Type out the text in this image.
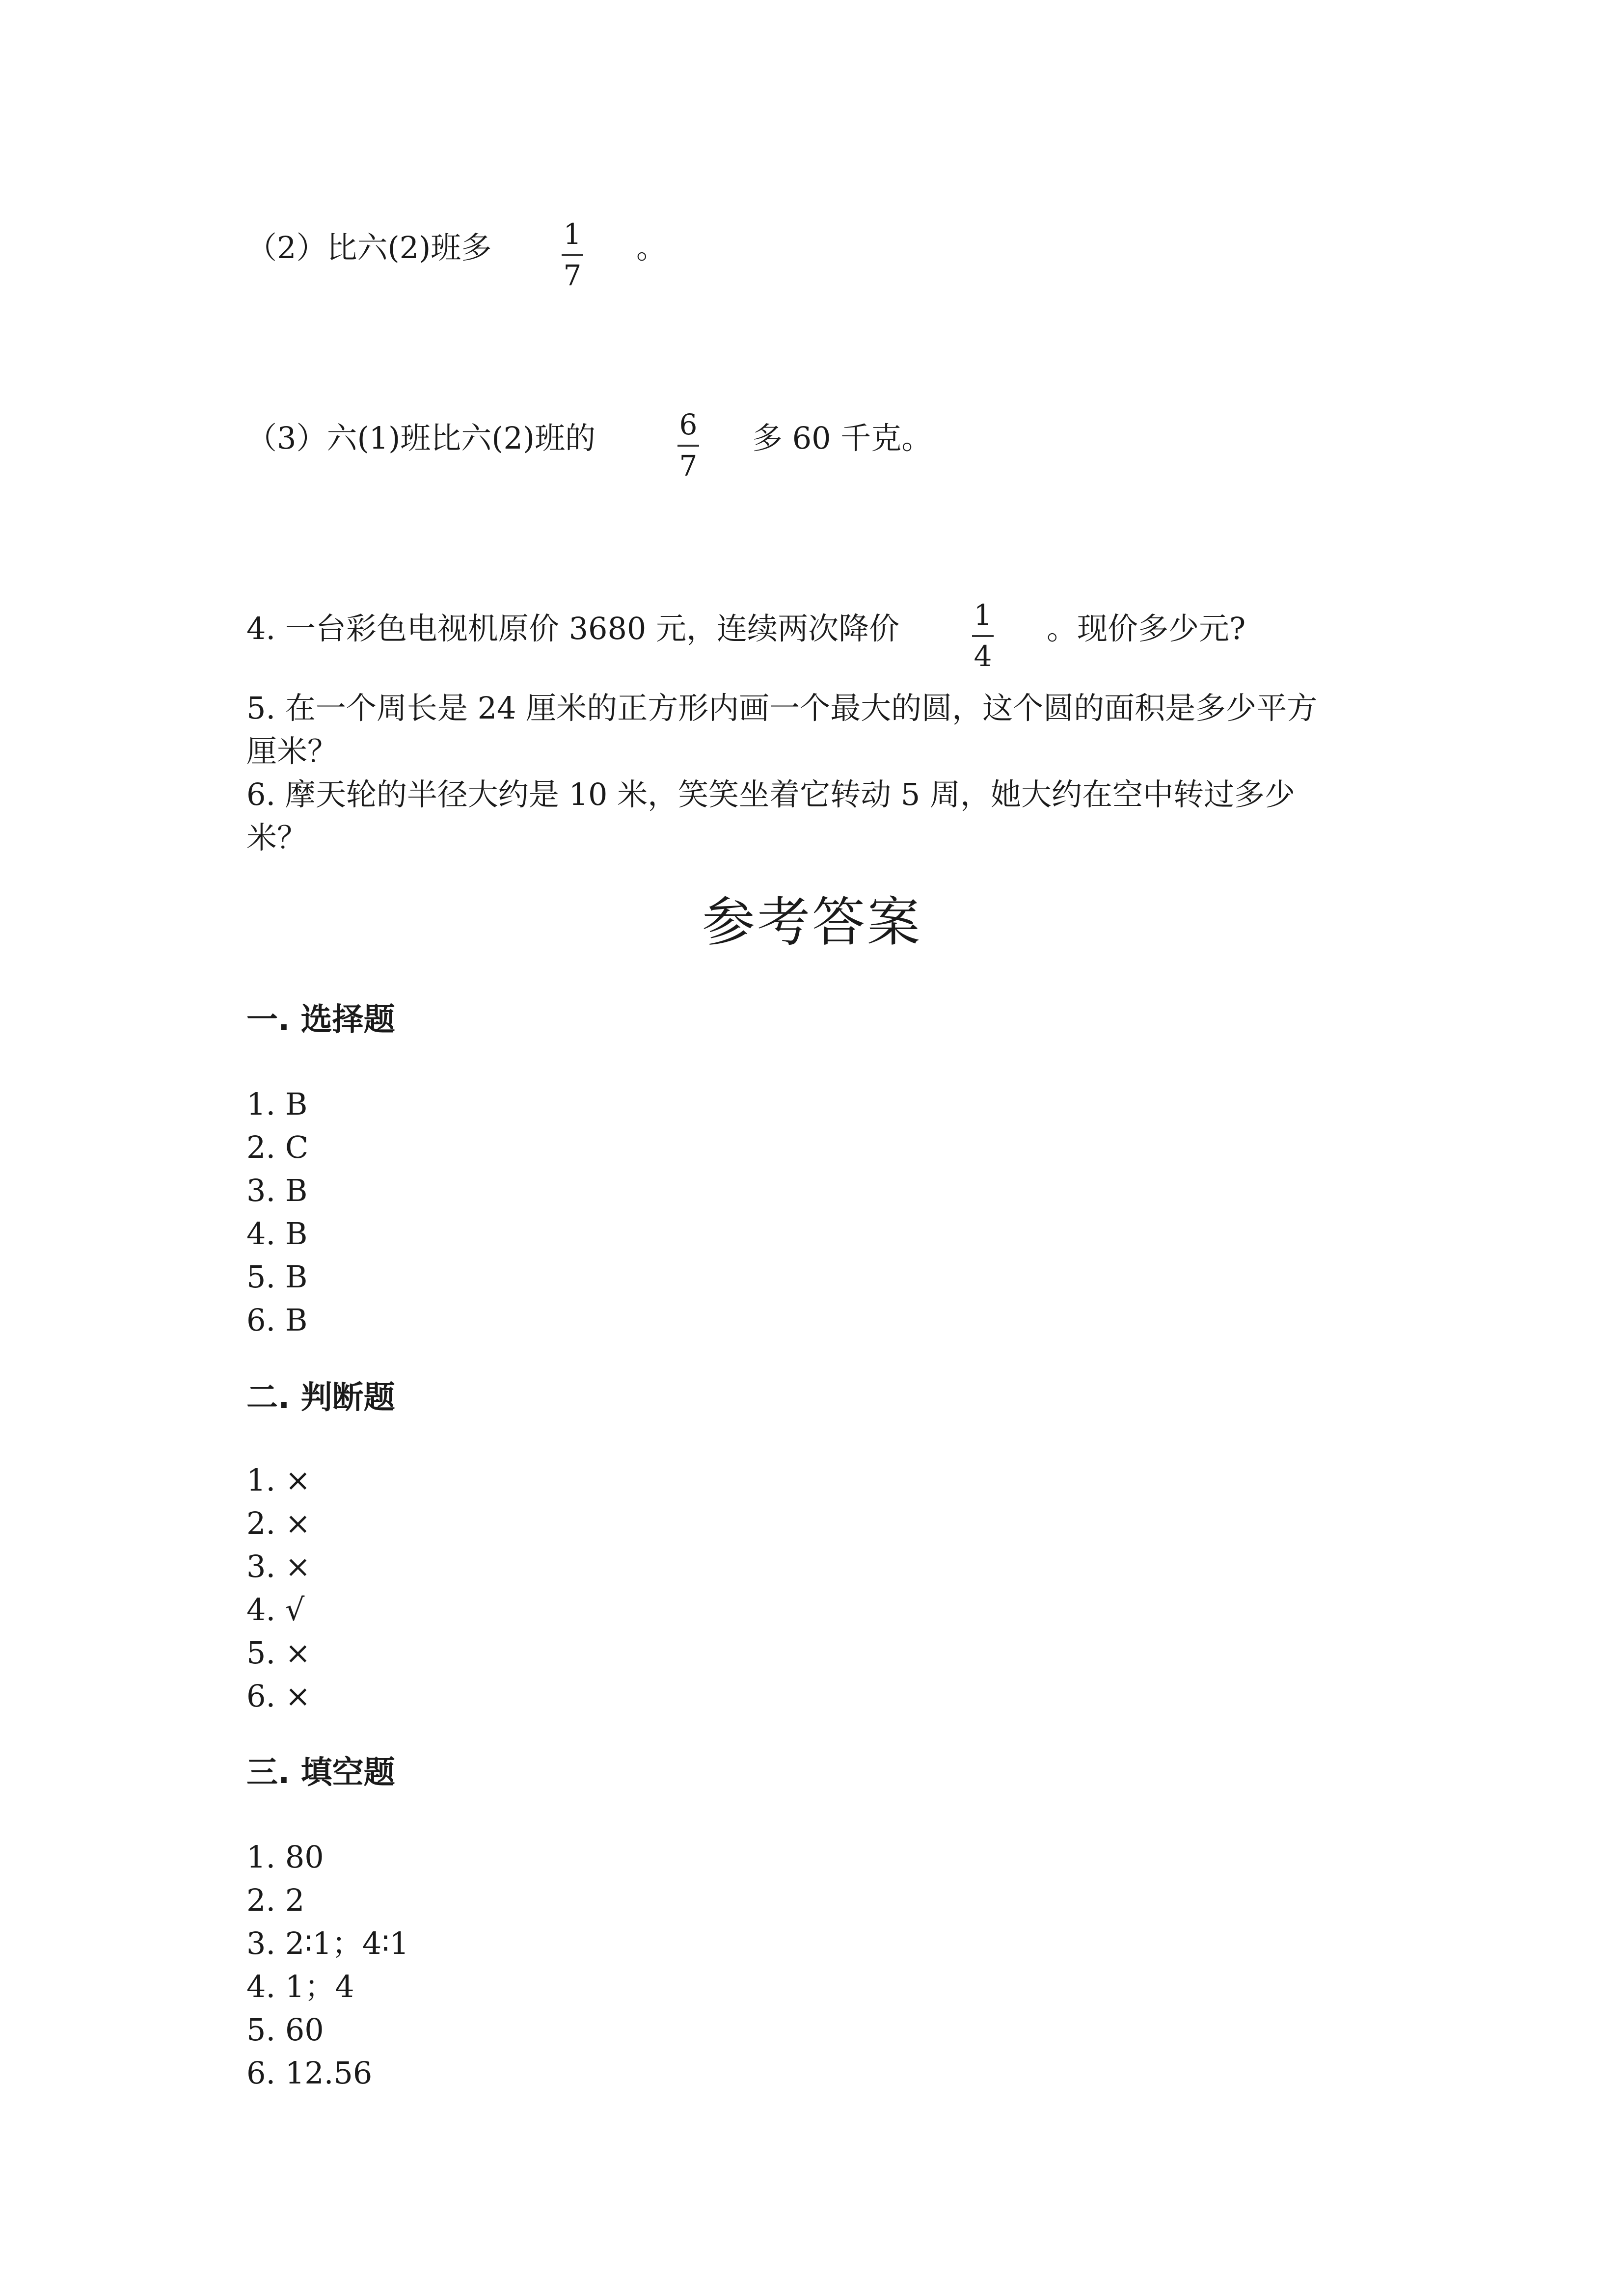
（2）比六(2)班多	1
7
。
（3）六(1)班比六(2)班的	6
7
多 60 千克。
4. 一台彩色电视机原价 3680 元，连续两次降价	1
4
。现价多少元?
5. 在一个周长是 24 厘米的正方形内画一个最大的圆，这个圆的面积是多少平方
厘米？
6. 摩天轮的半径大约是 10 米，笑笑坐着它转动 5 周，她大约在空中转过多少
米？
参考答案
一. 选择题
1. B
2. C
3. B
4. B
5. B
6. B
二. 判断题
1. ×
2. ×
3. ×
4. √
5. ×
6. ×
三. 填空题
1. 80
2. 2
3. 2∶1；4∶1
4. 1；4
5. 60
6. 12.56
